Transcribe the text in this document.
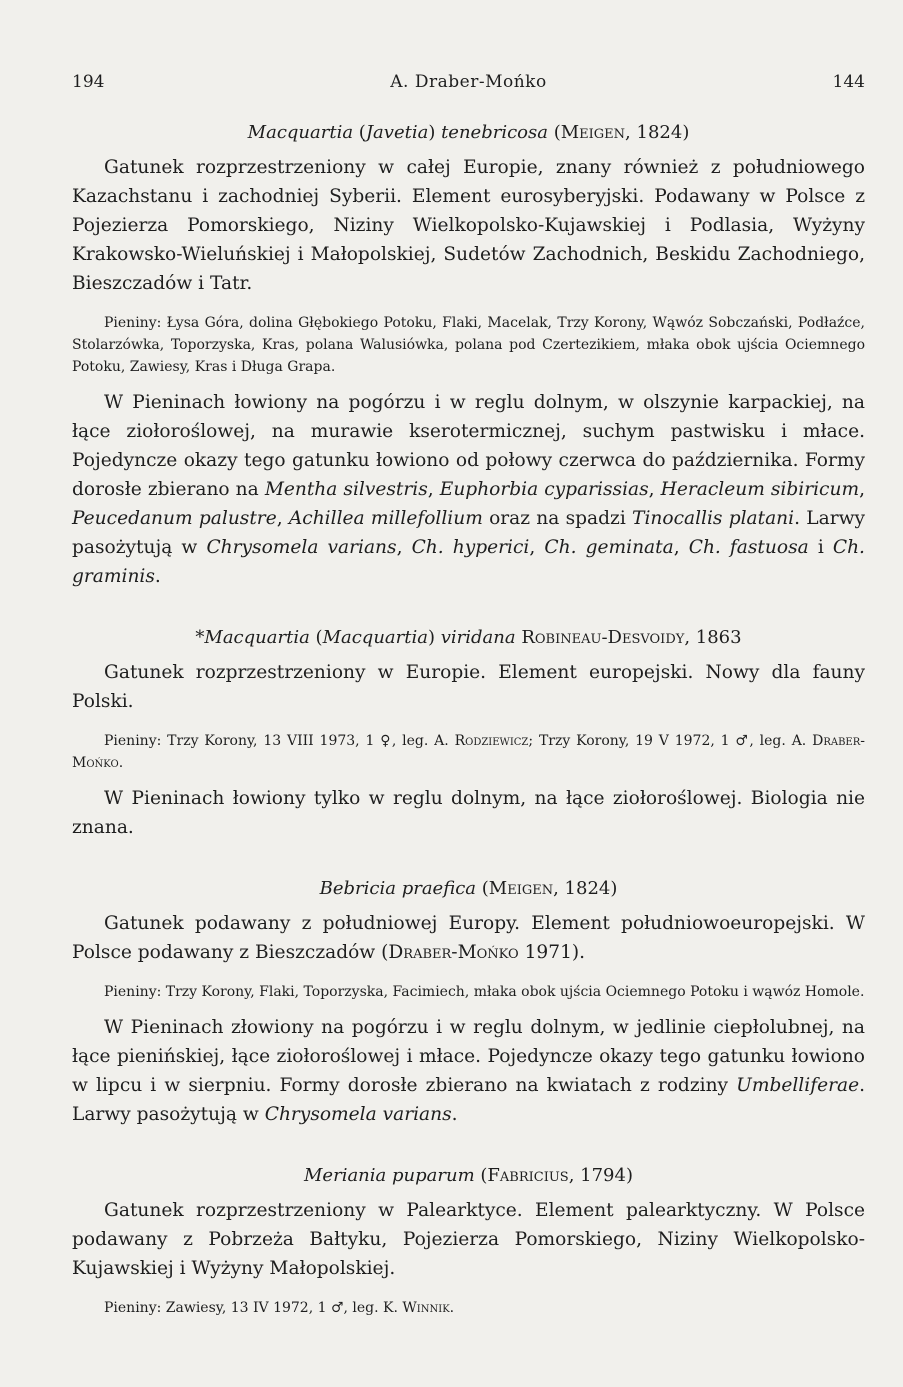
194	A. Draber-Mońko	144
Macquartia (Javetia) tenebricosa (Meigen, 1824)

Gatunek rozprzestrzeniony w całej Europie, znany również z południowego Kazachstanu i zachodniej Syberii. Element eurosyberyjski. Podawany w Polsce z Pojezierza Pomorskiego, Niziny Wielkopolsko-Kujawskiej i Podlasia, Wyżyny Krakowsko-Wieluńskiej i Małopolskiej, Sudetów Zachodnich, Beskidu Zachodniego, Bieszczadów i Tatr.

Pieniny: Łysa Góra, dolina Głębokiego Potoku, Flaki, Macelak, Trzy Korony, Wąwóz Sobczański, Podłaźce, Stolarzówka, Toporzyska, Kras, polana Walusiówka, polana pod Czertezikiem, młaka obok ujścia Ociemnego Potoku, Zawiesy, Kras i Długa Grapa.

W Pieninach łowiony na pogórzu i w reglu dolnym, w olszynie karpackiej, na łące ziołoroślowej, na murawie kserotermicznej, suchym pastwisku i młace. Pojedyncze okazy tego gatunku łowiono od połowy czerwca do października. Formy dorosłe zbierano na Mentha silvestris, Euphorbia cyparissias, Heracleum sibiricum, Peucedanum palustre, Achillea millefollium oraz na spadzi Tinocallis platani. Larwy pasożytują w Chrysomela varians, Ch. hyperici, Ch. geminata, Ch. fastuosa i Ch. graminis.

*Macquartia (Macquartia) viridana Robineau-Desvoidy, 1863

Gatunek rozprzestrzeniony w Europie. Element europejski. Nowy dla fauny Polski.

Pieniny: Trzy Korony, 13 VIII 1973, 1 ♀, leg. A. Rodziewicz; Trzy Korony, 19 V 1972, 1 ♂, leg. A. Draber-Mońko.

W Pieninach łowiony tylko w reglu dolnym, na łące ziołoroślowej. Biologia nie znana.

Bebricia praefica (Meigen, 1824)

Gatunek podawany z południowej Europy. Element południowoeuropejski. W Polsce podawany z Bieszczadów (Draber-Mońko 1971).

Pieniny: Trzy Korony, Flaki, Toporzyska, Facimiech, młaka obok ujścia Ociemnego Potoku i wąwóz Homole.

W Pieninach złowiony na pogórzu i w reglu dolnym, w jedlinie ciepłolubnej, na łące pienińskiej, łące ziołoroślowej i młace. Pojedyncze okazy tego gatunku łowiono w lipcu i w sierpniu. Formy dorosłe zbierano na kwiatach z rodziny Umbelliferae. Larwy pasożytują w Chrysomela varians.

Meriania puparum (Fabricius, 1794)

Gatunek rozprzestrzeniony w Palearktyce. Element palearktyczny. W Polsce podawany z Pobrzeża Bałtyku, Pojezierza Pomorskiego, Niziny Wielkopolsko-Kujawskiej i Wyżyny Małopolskiej.

Pieniny: Zawiesy, 13 IV 1972, 1 ♂, leg. K. Winnik.
